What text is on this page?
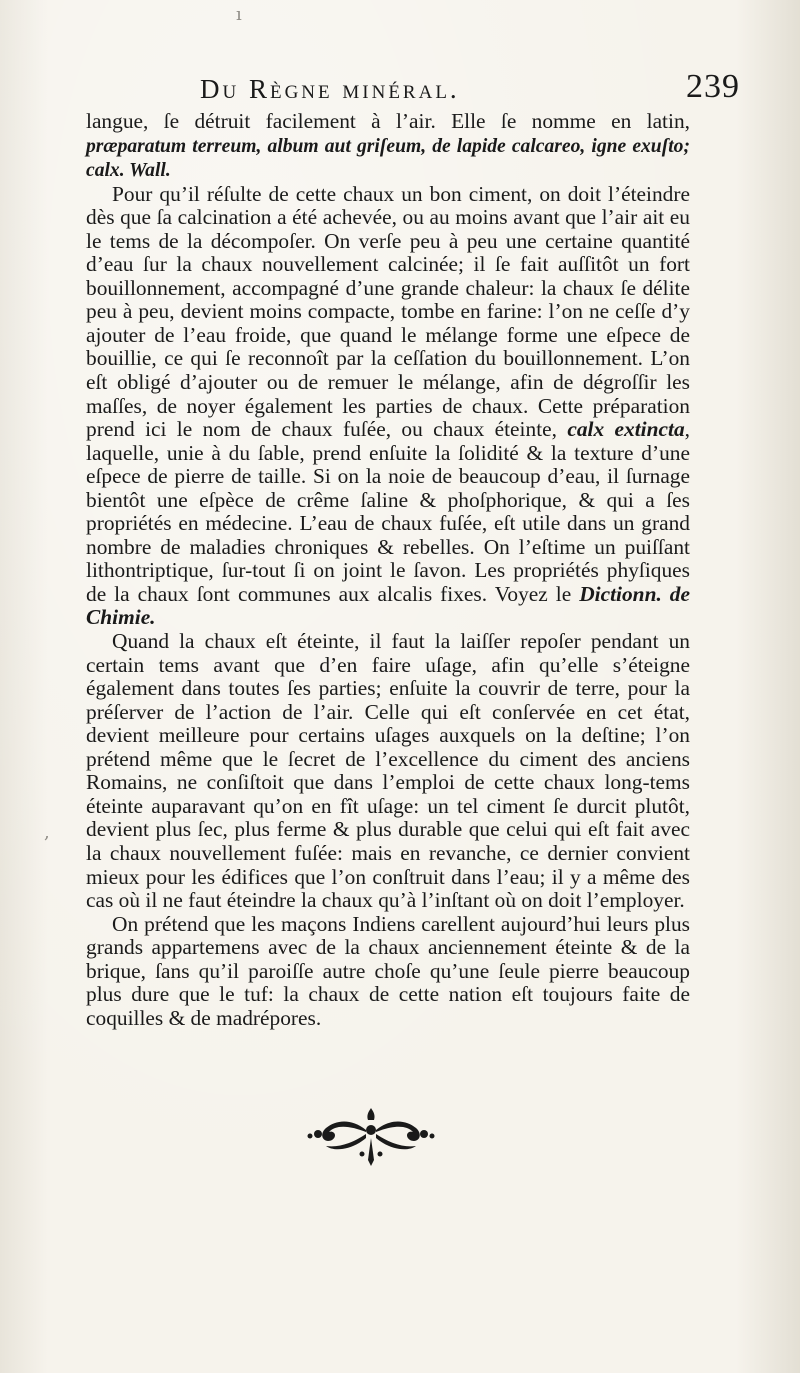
Du Règne minéral.	239

langue, ſe détruit facilement à l’air. Elle ſe nomme en latin, præparatum terreum, album aut griſeum, de lapide calcareo, igne exuſto; calx. Wall.

Pour qu’il réſulte de cette chaux un bon ciment, on doit l’éteindre dès que ſa calcination a été achevée, ou au moins avant que l’air ait eu le tems de la décompoſer. On verſe peu à peu une certaine quantité d’eau ſur la chaux nouvellement calcinée; il ſe fait auſſitôt un fort bouillonnement, accompagné d’une grande chaleur: la chaux ſe délite peu à peu, devient moins compacte, tombe en farine: l’on ne ceſſe d’y ajouter de l’eau froide, que quand le mélange forme une eſpece de bouillie, ce qui ſe reconnoît par la ceſſation du bouillonnement. L’on eſt obligé d’ajouter ou de remuer le mélange, afin de dégroſſir les maſſes, de noyer également les parties de chaux. Cette préparation prend ici le nom de chaux fuſée, ou chaux éteinte, calx extincta, laquelle, unie à du ſable, prend enſuite la ſolidité & la texture d’une eſpece de pierre de taille. Si on la noie de beaucoup d’eau, il ſurnage bientôt une eſpèce de crême ſaline & phoſphorique, & qui a ſes propriétés en médecine. L’eau de chaux fuſée, eſt utile dans un grand nombre de maladies chroniques & rebelles. On l’eſtime un puiſſant lithontriptique, ſur-tout ſi on joint le ſavon. Les propriétés phyſiques de la chaux ſont communes aux alcalis fixes. Voyez le Dictionn. de Chimie.

Quand la chaux eſt éteinte, il faut la laiſſer repoſer pendant un certain tems avant que d’en faire uſage, afin qu’elle s’éteigne également dans toutes ſes parties; enſuite la couvrir de terre, pour la préſerver de l’action de l’air. Celle qui eſt conſervée en cet état, devient meilleure pour certains uſages auxquels on la deſtine; l’on prétend même que le ſecret de l’excellence du ciment des anciens Romains, ne conſiſtoit que dans l’emploi de cette chaux long-tems éteinte auparavant qu’on en fît uſage: un tel ciment ſe durcit plutôt, devient plus ſec, plus ferme & plus durable que celui qui eſt fait avec la chaux nouvellement fuſée: mais en revanche, ce dernier convient mieux pour les édifices que l’on conſtruit dans l’eau; il y a même des cas où il ne faut éteindre la chaux qu’à l’inſtant où on doit l’employer.

On prétend que les maçons Indiens carellent aujourd’hui leurs plus grands appartemens avec de la chaux anciennement éteinte & de la brique, ſans qu’il paroiſſe autre choſe qu’une ſeule pierre beaucoup plus dure que le tuf: la chaux de cette nation eſt toujours faite de coquilles & de madrépores.

ı
,
